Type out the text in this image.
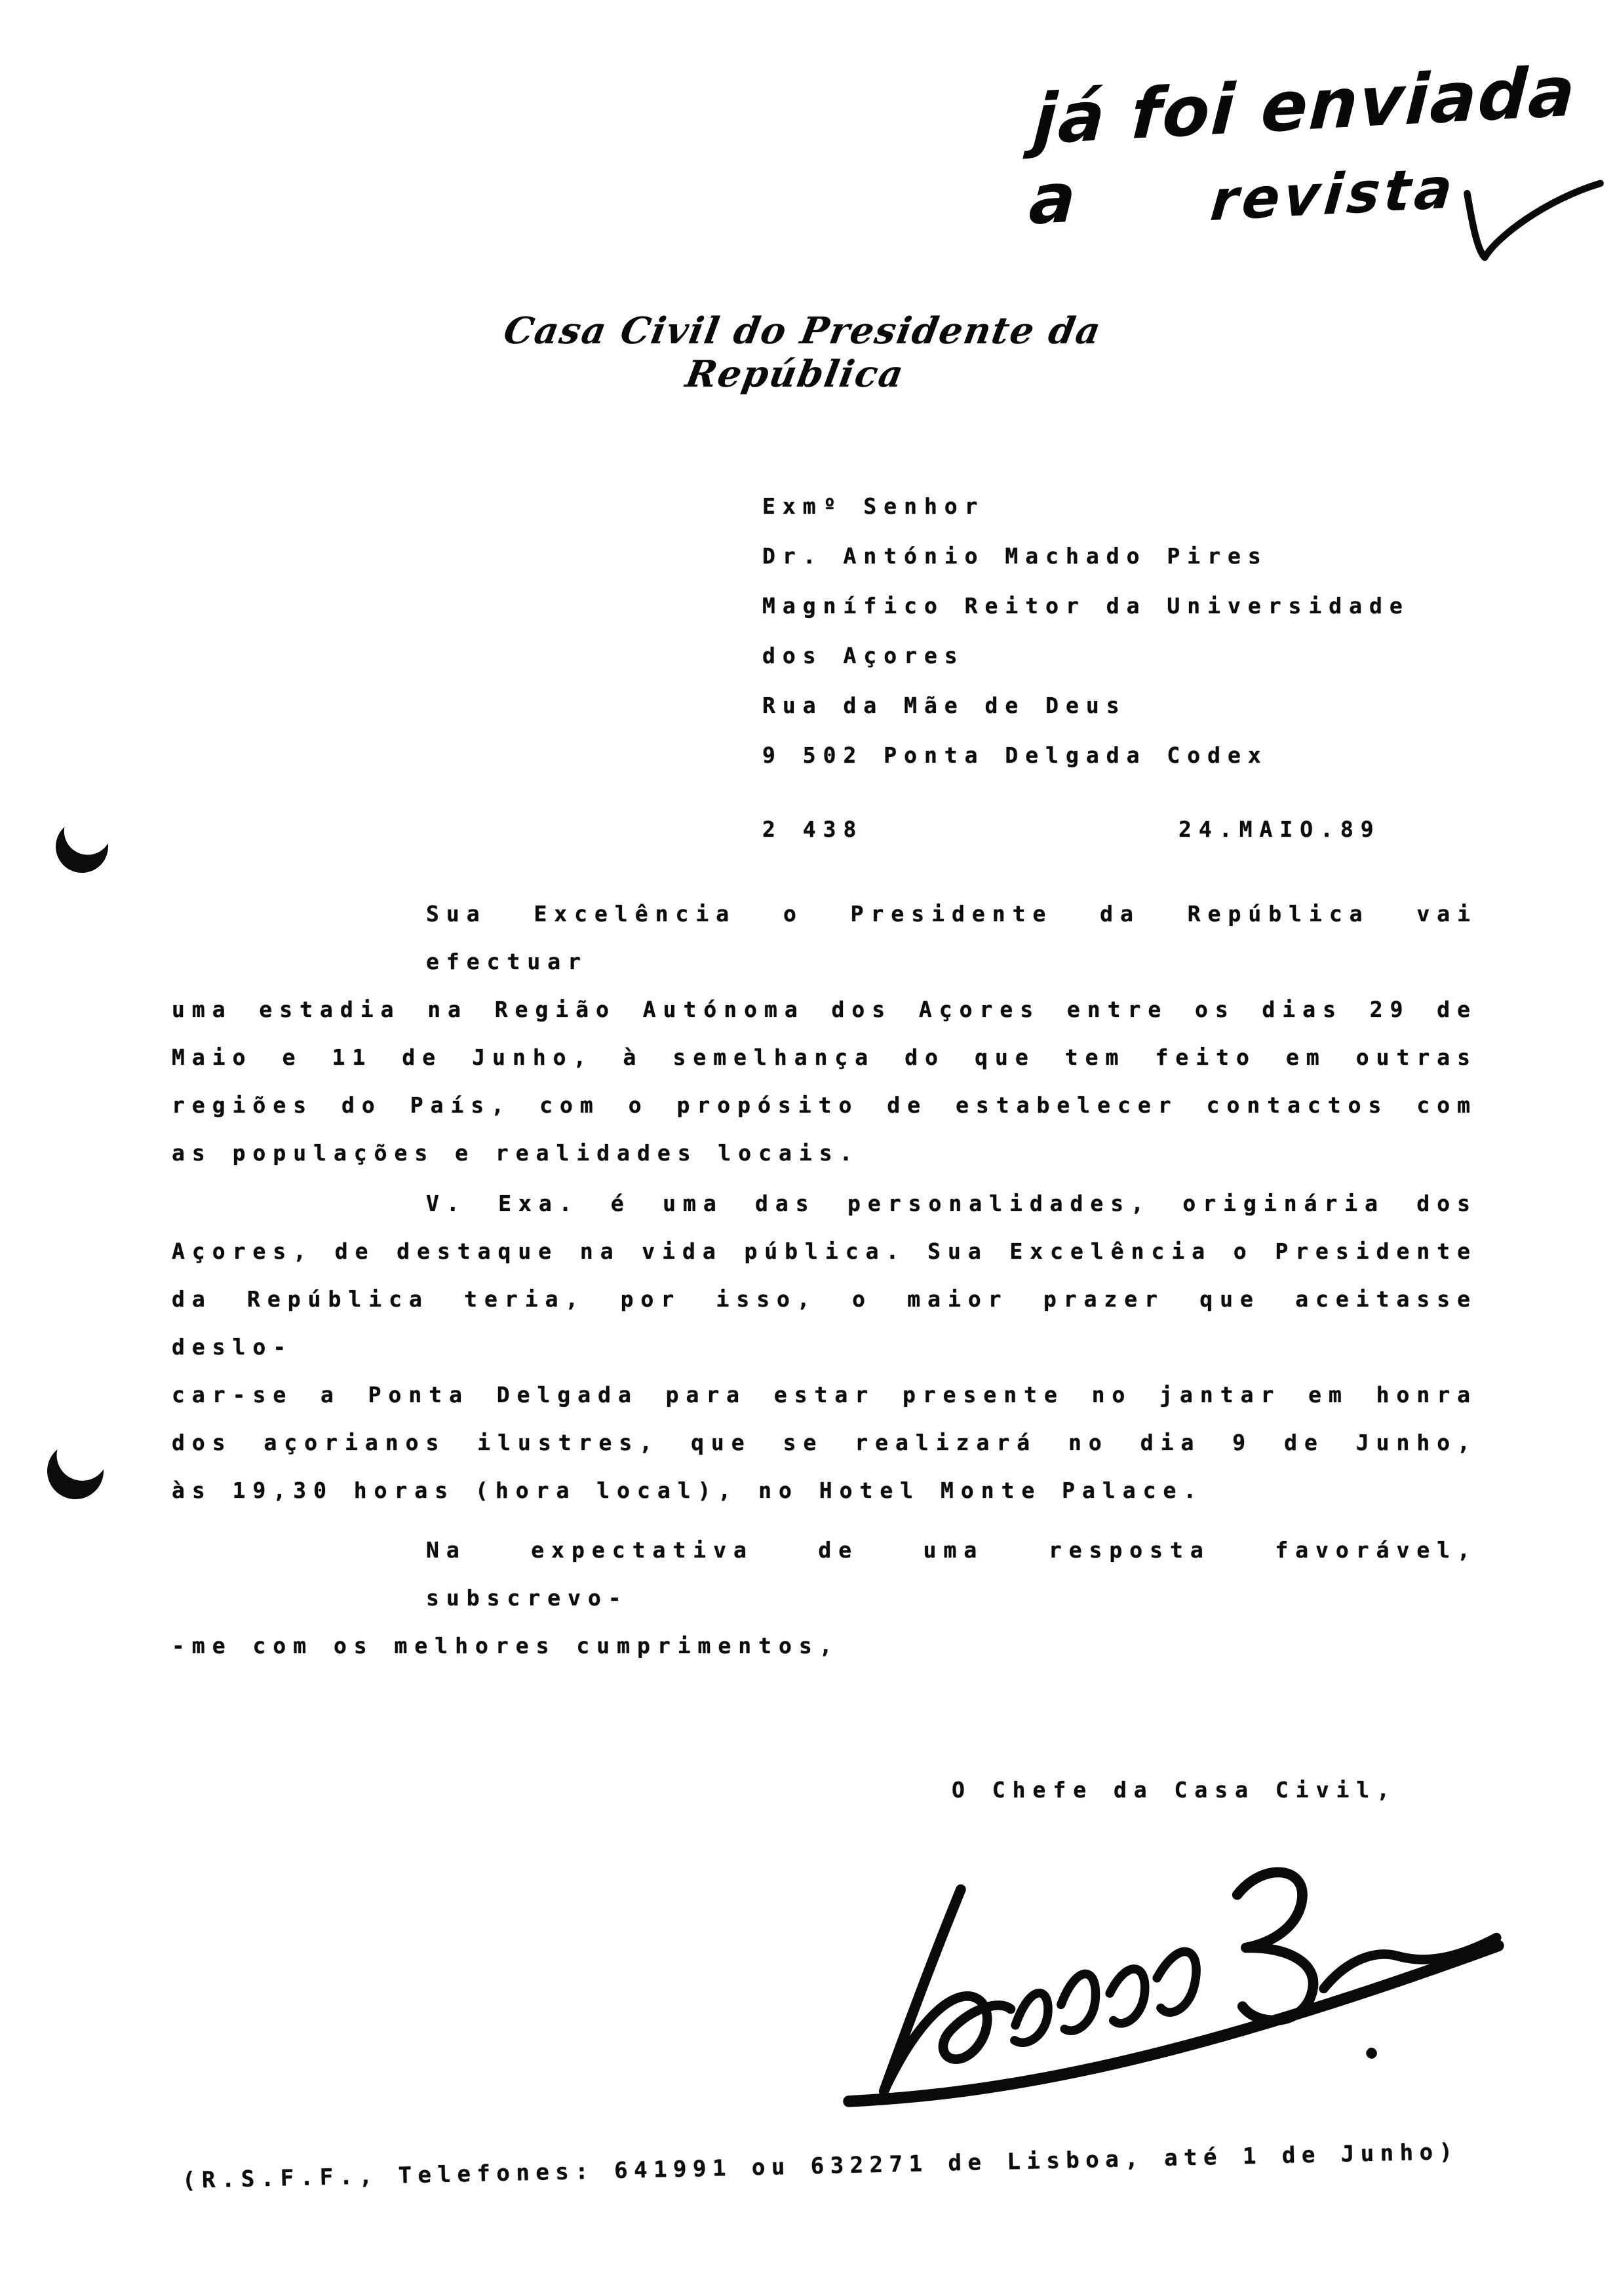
já foi enviada a	revista
Casa Civil do Presidente da República
Exmº Senhor
Dr. António Machado Pires
Magnífico Reitor da Universidade
dos Açores
Rua da Mãe de Deus
9 502 Ponta Delgada Codex
2 438	24.MAIO.89
Sua Excelência o Presidente da República vai efectuar
uma estadia na Região Autónoma dos Açores entre os dias 29 de
Maio e 11 de Junho, à semelhança do que tem feito em outras
regiões do País, com o propósito de estabelecer contactos com
as populações e realidades locais.
V. Exa. é uma das personalidades, originária dos
Açores, de destaque na vida pública. Sua Excelência o Presidente
da República teria, por isso, o maior prazer que aceitasse deslo-
car-se a Ponta Delgada para estar presente no jantar em honra
dos açorianos ilustres, que se realizará no dia 9 de Junho,
às 19,30 horas (hora local), no Hotel Monte Palace.
Na expectativa de uma resposta favorável, subscrevo-
-me com os melhores cumprimentos,
O Chefe da Casa Civil,
(R.S.F.F., Telefones: 641991 ou 632271 de Lisboa, até 1 de Junho)
